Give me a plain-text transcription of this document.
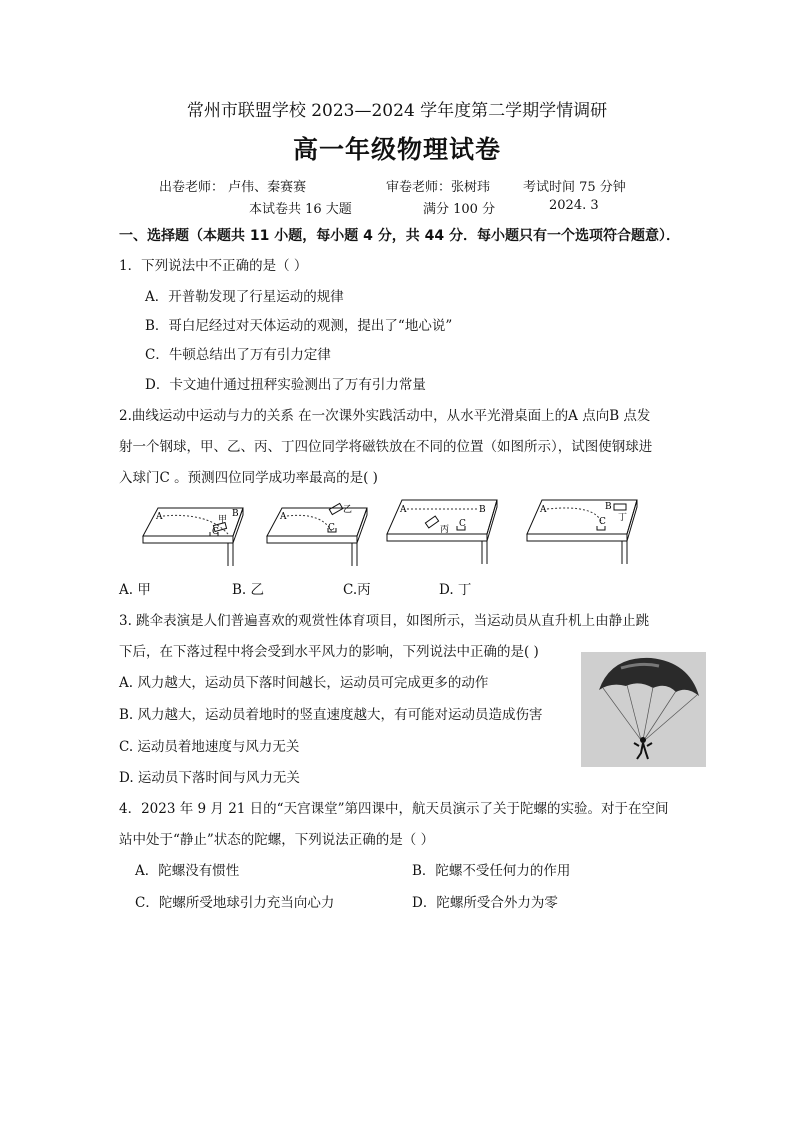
常州市联盟学校 2023—2024 学年度第二学期学情调研
高一年级物理试卷
出卷老师： 卢伟、秦赛赛	审卷老师：张树玮	考试时间 75 分钟
本试卷共 16 大题	满分 100 分	2024. 3
一、选择题（本题共 11 小题，每小题 4 分，共 44 分．每小题只有一个选项符合题意）．
1．下列说法中不正确的是（ ）
A．开普勒发现了行星运动的规律
B．哥白尼经过对天体运动的观测，提出了“地心说”
C．牛顿总结出了万有引力定律
D．卡文迪什通过扭秤实验测出了万有引力常量
2.曲线运动中运动与力的关系 在一次课外实践活动中，从水平光滑桌面上的A 点向B 点发
射一个钢球，甲、乙、丙、丁四位同学将磁铁放在不同的位置（如图所示），试图使钢球进
入球门C 。预测四位同学成功率最高的是( )
A	B
C
甲	A
C
乙	A	B
C
丙
A	B
C 丁
A. 甲	B. 乙	C.丙	D. 丁
3. 跳伞表演是人们普遍喜欢的观赏性体育项目，如图所示，当运动员从直升机上由静止跳
下后，在下落过程中将会受到水平风力的影响，下列说法中正确的是( )
A. 风力越大，运动员下落时间越长，运动员可完成更多的动作
B. 风力越大，运动员着地时的竖直速度越大，有可能对运动员造成伤害
C. 运动员着地速度与风力无关
D. 运动员下落时间与风力无关
4．2023 年 9 月 21 日的“天宫课堂”第四课中，航天员演示了关于陀螺的实验。对于在空间
站中处于“静止”状态的陀螺，下列说法正确的是（ ）
A．陀螺没有惯性	B．陀螺不受任何力的作用
C．陀螺所受地球引力充当向心力	D．陀螺所受合外力为零
